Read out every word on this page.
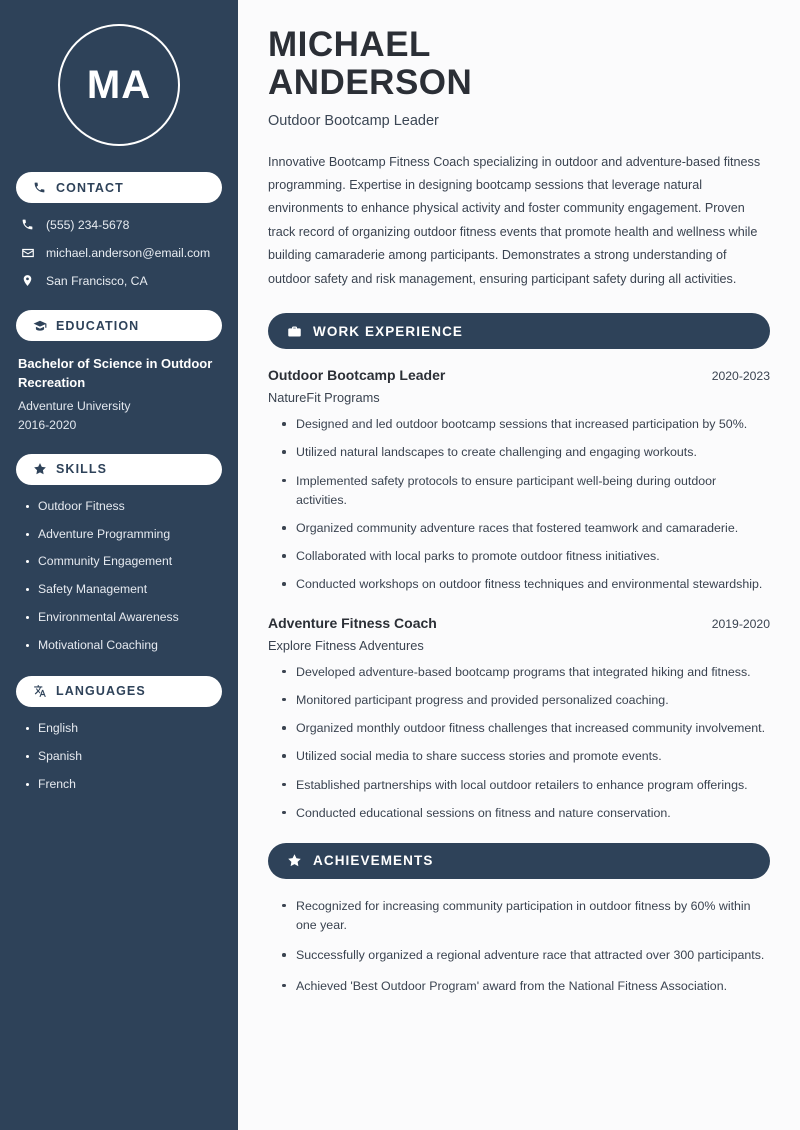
MA
CONTACT
(555) 234-5678
michael.anderson@email.com
San Francisco, CA
EDUCATION
Bachelor of Science in Outdoor Recreation
Adventure University
2016-2020
SKILLS
Outdoor Fitness
Adventure Programming
Community Engagement
Safety Management
Environmental Awareness
Motivational Coaching
LANGUAGES
English
Spanish
French
MICHAEL
ANDERSON
Outdoor Bootcamp Leader

Innovative Bootcamp Fitness Coach specializing in outdoor and adventure-based fitness programming. Expertise in designing bootcamp sessions that leverage natural environments to enhance physical activity and foster community engagement. Proven track record of organizing outdoor fitness events that promote health and wellness while building camaraderie among participants. Demonstrates a strong understanding of outdoor safety and risk management, ensuring participant safety during all activities.

WORK EXPERIENCE
Outdoor Bootcamp Leader	2020-2023
NatureFit Programs
Designed and led outdoor bootcamp sessions that increased participation by 50%.
Utilized natural landscapes to create challenging and engaging workouts.
Implemented safety protocols to ensure participant well-being during outdoor activities.
Organized community adventure races that fostered teamwork and camaraderie.
Collaborated with local parks to promote outdoor fitness initiatives.
Conducted workshops on outdoor fitness techniques and environmental stewardship.
Adventure Fitness Coach	2019-2020
Explore Fitness Adventures
Developed adventure-based bootcamp programs that integrated hiking and fitness.
Monitored participant progress and provided personalized coaching.
Organized monthly outdoor fitness challenges that increased community involvement.
Utilized social media to share success stories and promote events.
Established partnerships with local outdoor retailers to enhance program offerings.
Conducted educational sessions on fitness and nature conservation.
ACHIEVEMENTS
Recognized for increasing community participation in outdoor fitness by 60% within one year.
Successfully organized a regional adventure race that attracted over 300 participants.
Achieved 'Best Outdoor Program' award from the National Fitness Association.
